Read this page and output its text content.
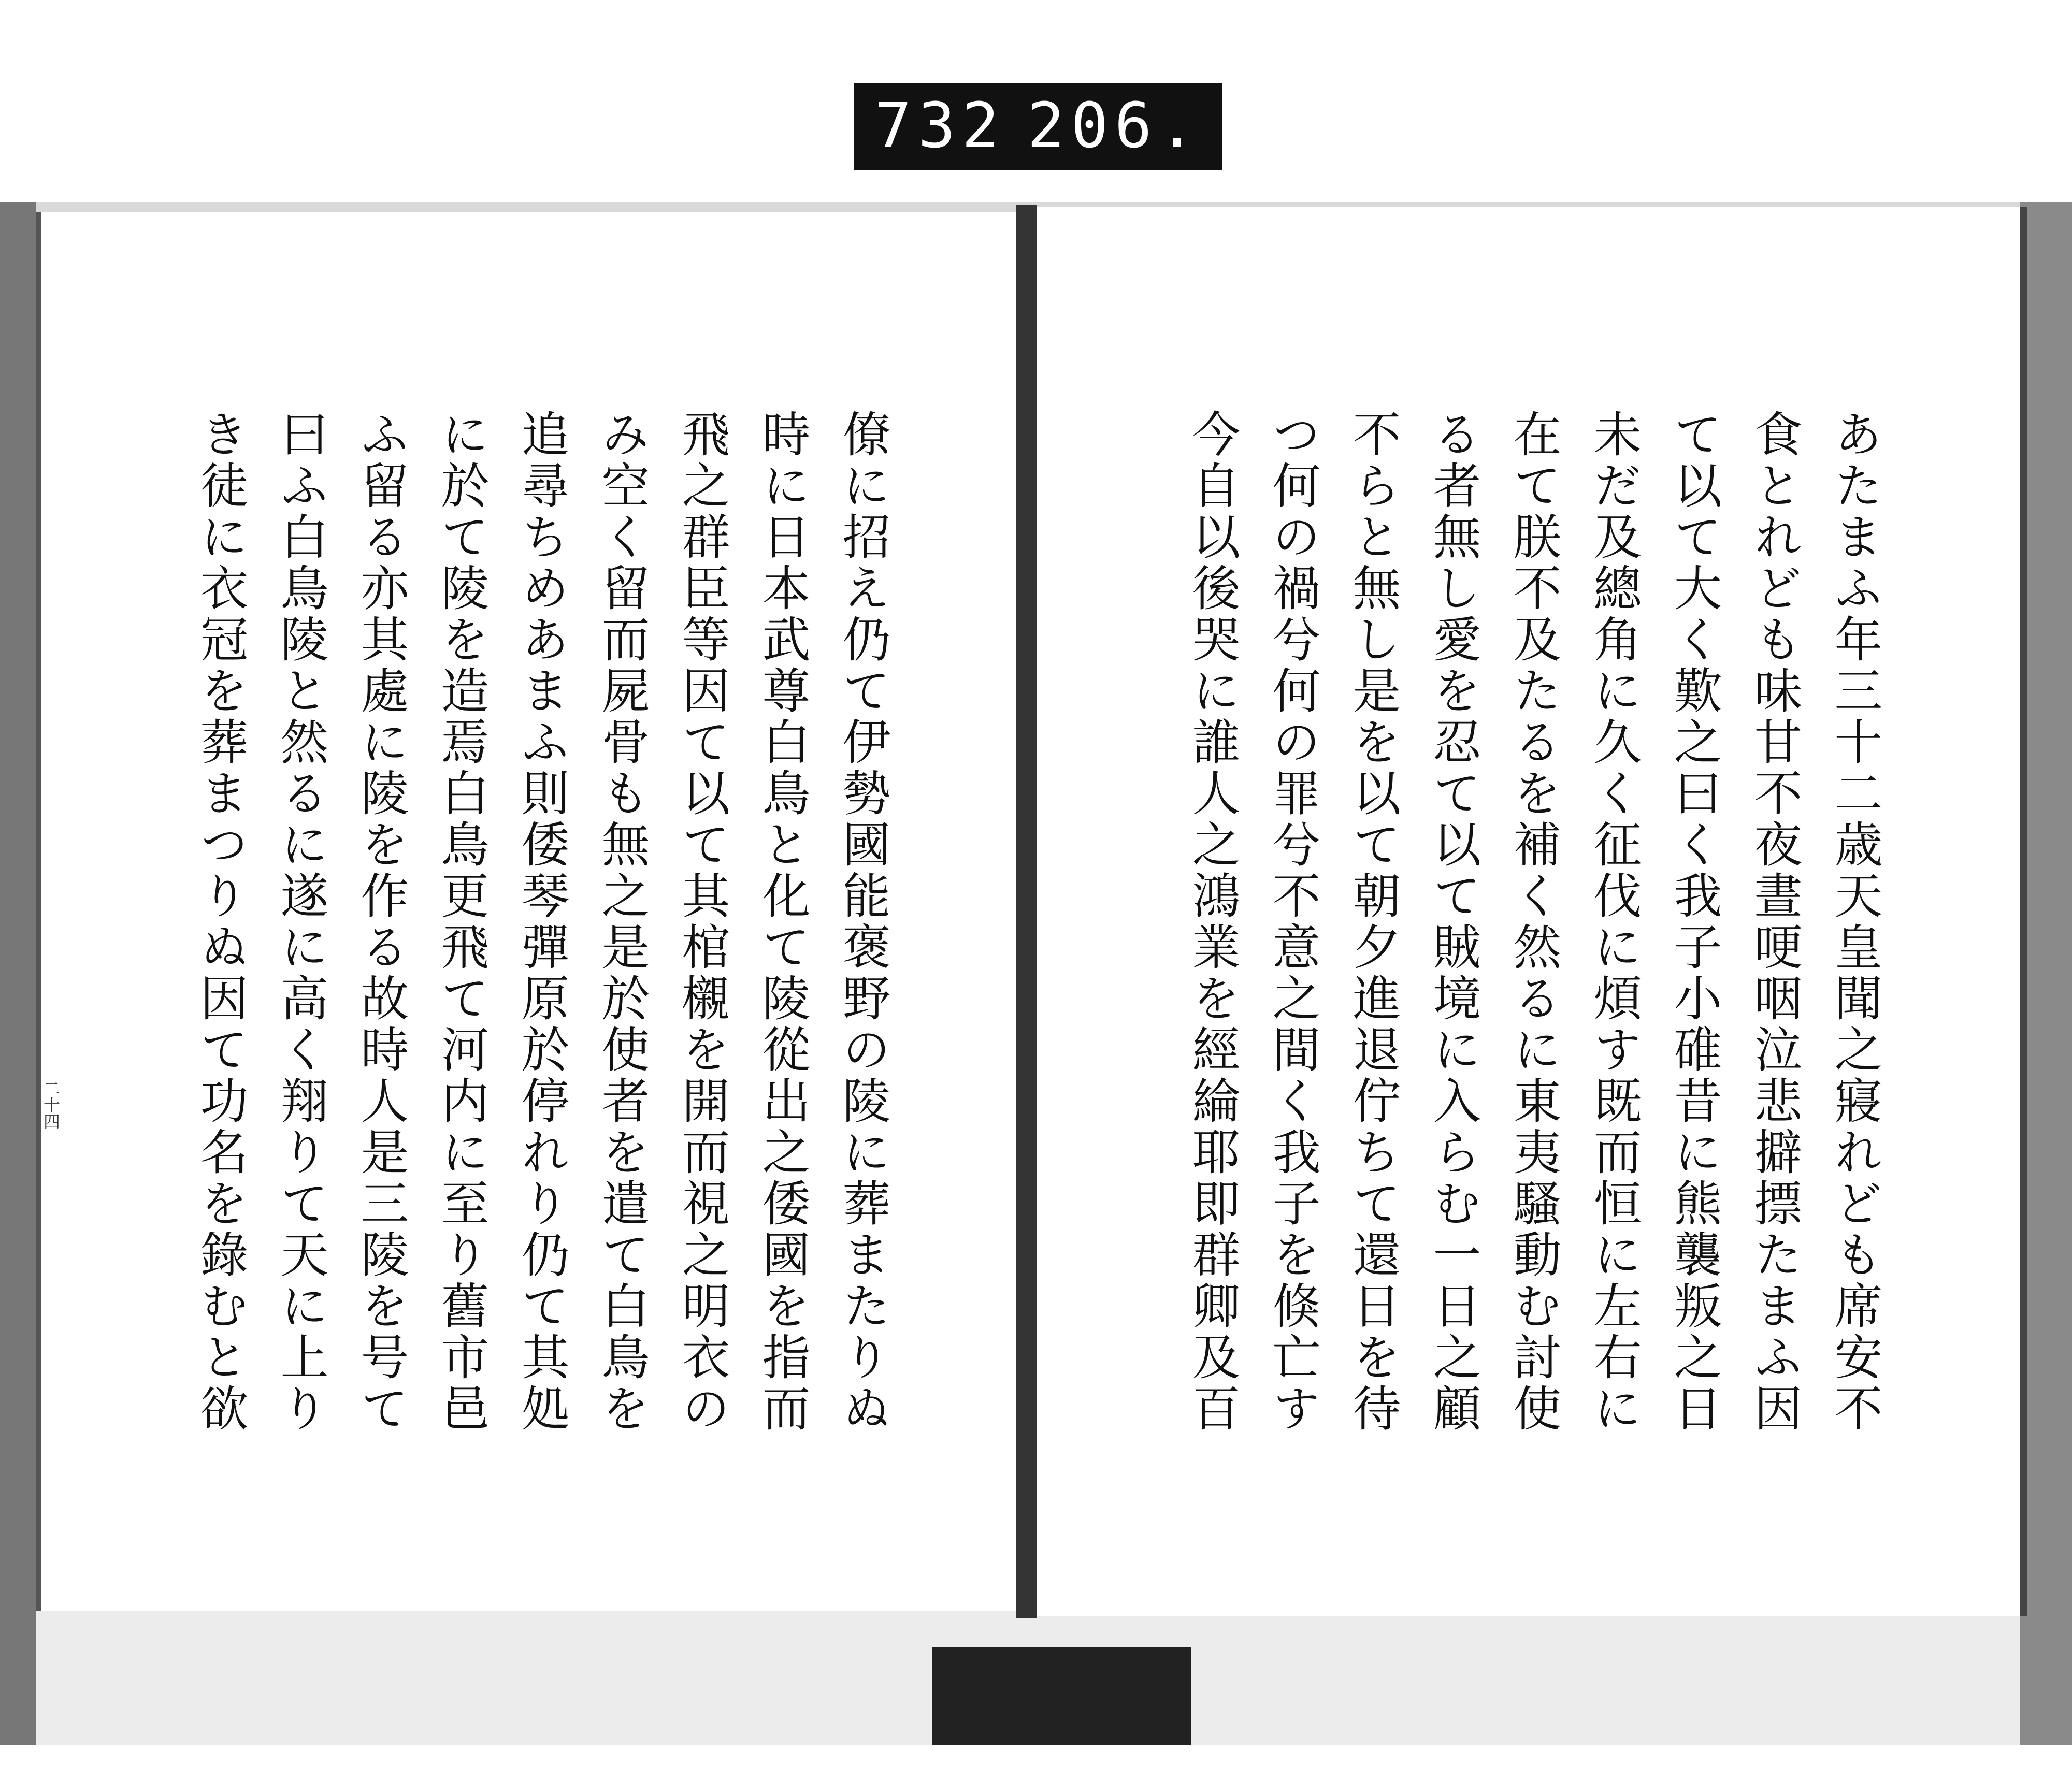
732 206.
二十四	あたまふ年三十二歳天皇聞之寢れども席安不
食とれども味甘不夜晝哽咽泣悲擗摽たまふ因
て以て大く歎之曰く我子小碓昔に熊襲叛之日
未だ及總角に久く征伐に煩す既而恒に左右に
在て朕不及たるを補く然るに東夷騷動む討使
る者無し愛を忍て以て賊境に入らむ一日之顧
不らと無し是を以て朝夕進退佇ちて還日を待
つ何の禍兮何の罪兮不意之間く我子を倏亡す
今自以後哭に誰人之鴻業を經綸耶即群卿及百
僚に招え仍て伊勢國能褒野の陵に葬またりぬ
時に日本武尊白鳥と化て陵從出之倭國を指而
飛之群臣等因て以て其棺櫬を開而視之明衣の
み空く留而屍骨も無之是於使者を遣て白鳥を
追尋ちめあまふ則倭琴彈原於停れり仍て其処
に於て陵を造焉白鳥更飛て河内に至り舊市邑
ふ留る亦其處に陵を作る故時人是三陵を号て
曰ふ白鳥陵と然るに遂に高く翔りて天に上り
き徒に衣冠を葬まつりぬ因て功名を錄むと欲
